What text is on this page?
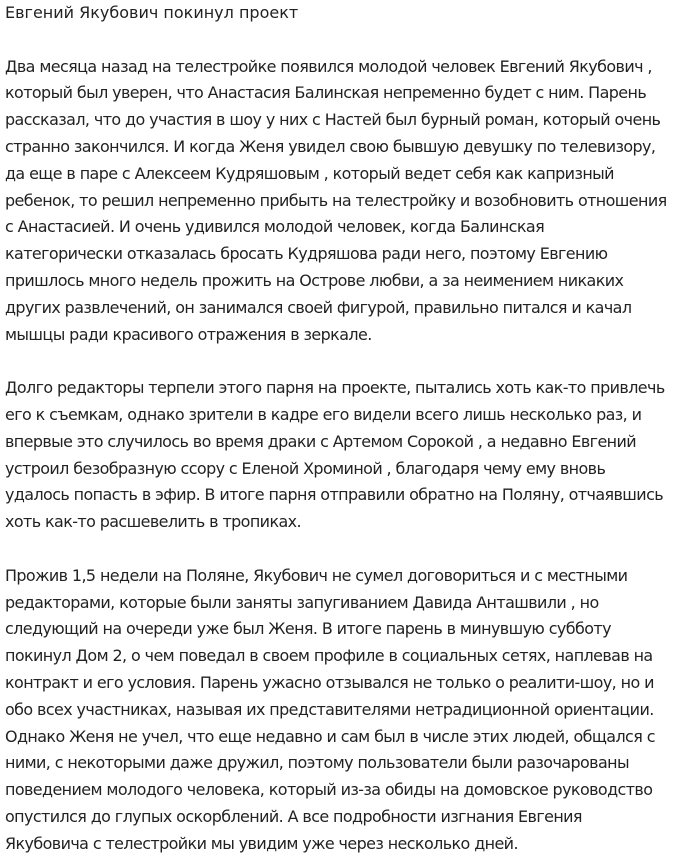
Евгений Якубович покинул проект

Два месяца назад на телестройке появился молодой человек Евгений Якубович ,
который был уверен, что Анастасия Балинская непременно будет с ним. Парень
рассказал, что до участия в шоу у них с Настей был бурный роман, который очень
странно закончился. И когда Женя увидел свою бывшую девушку по телевизору,
да еще в паре с Алексеем Кудряшовым , который ведет себя как капризный
ребенок, то решил непременно прибыть на телестройку и возобновить отношения
с Анастасией. И очень удивился молодой человек, когда Балинская
категорически отказалась бросать Кудряшова ради него, поэтому Евгению
пришлось много недель прожить на Острове любви, а за неимением никаких
других развлечений, он занимался своей фигурой, правильно питался и качал
мышцы ради красивого отражения в зеркале.

Долго редакторы терпели этого парня на проекте, пытались хоть как-то привлечь
его к съемкам, однако зрители в кадре его видели всего лишь несколько раз, и
впервые это случилось во время драки с Артемом Сорокой , а недавно Евгений
устроил безобразную ссору с Еленой Хроминой , благодаря чему ему вновь
удалось попасть в эфир. В итоге парня отправили обратно на Поляну, отчаявшись
хоть как-то расшевелить в тропиках.

Прожив 1,5 недели на Поляне, Якубович не сумел договориться и с местными
редакторами, которые были заняты запугиванием Давида Анташвили , но
следующий на очереди уже был Женя. В итоге парень в минувшую субботу
покинул Дом 2, о чем поведал в своем профиле в социальных сетях, наплевав на
контракт и его условия. Парень ужасно отзывался не только о реалити-шоу, но и
обо всех участниках, называя их представителями нетрадиционной ориентации.
Однако Женя не учел, что еще недавно и сам был в числе этих людей, общался с
ними, с некоторыми даже дружил, поэтому пользователи были разочарованы
поведением молодого человека, который из-за обиды на домовское руководство
опустился до глупых оскорблений. А все подробности изгнания Евгения
Якубовича с телестройки мы увидим уже через несколько дней.
